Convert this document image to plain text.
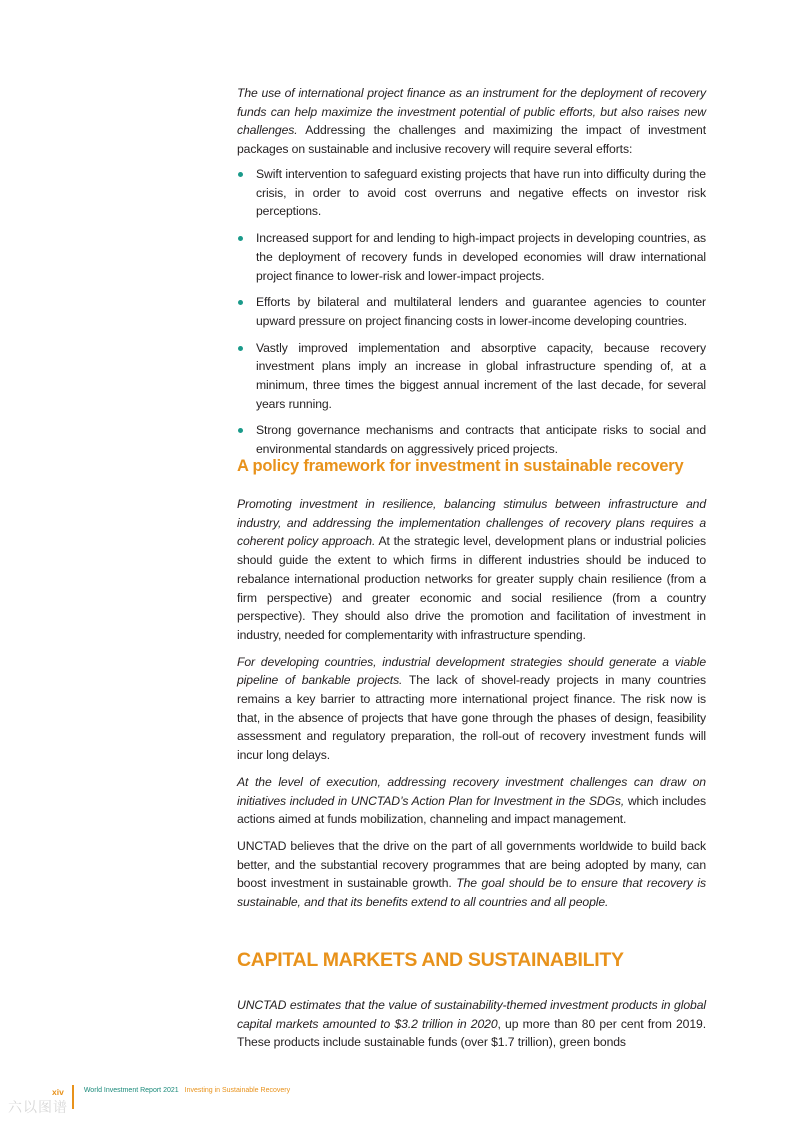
The use of international project finance as an instrument for the deployment of recovery funds can help maximize the investment potential of public efforts, but also raises new challenges. Addressing the challenges and maximizing the impact of investment packages on sustainable and inclusive recovery will require several efforts:

Swift intervention to safeguard existing projects that have run into difficulty during the crisis, in order to avoid cost overruns and negative effects on investor risk perceptions.
Increased support for and lending to high-impact projects in developing countries, as the deployment of recovery funds in developed economies will draw international project finance to lower-risk and lower-impact projects.
Efforts by bilateral and multilateral lenders and guarantee agencies to counter upward pressure on project financing costs in lower-income developing countries.
Vastly improved implementation and absorptive capacity, because recovery investment plans imply an increase in global infrastructure spending of, at a minimum, three times the biggest annual increment of the last decade, for several years running.
Strong governance mechanisms and contracts that anticipate risks to social and environmental standards on aggressively priced projects.
A policy framework for investment in sustainable recovery

Promoting investment in resilience, balancing stimulus between infrastructure and industry, and addressing the implementation challenges of recovery plans requires a coherent policy approach. At the strategic level, development plans or industrial policies should guide the extent to which firms in different industries should be induced to rebalance international production networks for greater supply chain resilience (from a firm perspective) and greater economic and social resilience (from a country perspective). They should also drive the promotion and facilitation of investment in industry, needed for complementarity with infrastructure spending.

For developing countries, industrial development strategies should generate a viable pipeline of bankable projects. The lack of shovel-ready projects in many countries remains a key barrier to attracting more international project finance. The risk now is that, in the absence of projects that have gone through the phases of design, feasibility assessment and regulatory preparation, the roll-out of recovery investment funds will incur long delays.

At the level of execution, addressing recovery investment challenges can draw on initiatives included in UNCTAD’s Action Plan for Investment in the SDGs, which includes actions aimed at funds mobilization, channeling and impact management.

UNCTAD believes that the drive on the part of all governments worldwide to build back better, and the substantial recovery programmes that are being adopted by many, can boost investment in sustainable growth. The goal should be to ensure that recovery is sustainable, and that its benefits extend to all countries and all people.

CAPITAL MARKETS AND SUSTAINABILITY

UNCTAD estimates that the value of sustainability-themed investment products in global capital markets amounted to $3.2 trillion in 2020, up more than 80 per cent from 2019. These products include sustainable funds (over $1.7 trillion), green bonds

xiv	World Investment Report 2021 Investing in Sustainable Recovery
六以图谱
